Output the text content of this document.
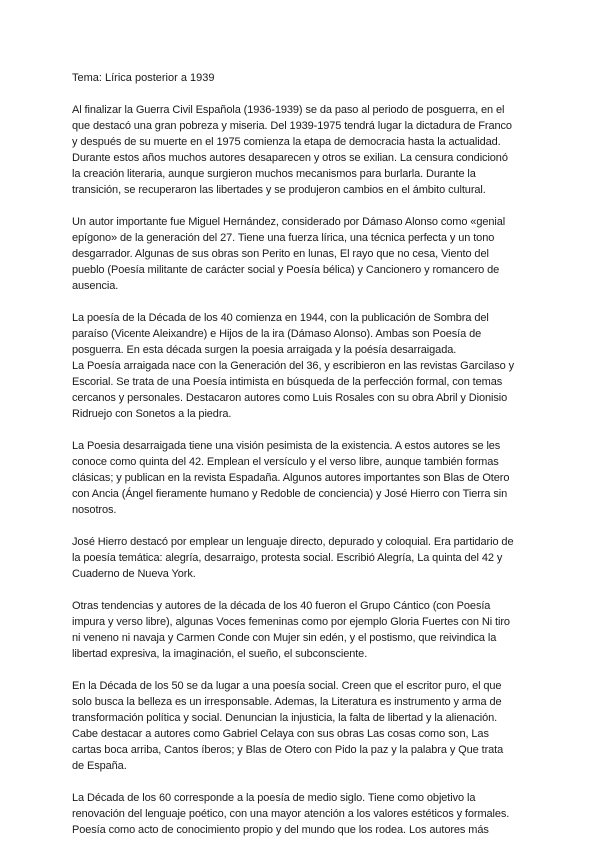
Tema: Lírica posterior a 1939

Al finalizar la Guerra Civil Española (1936-1939) se da paso al periodo de posguerra, en el
que destacó una gran pobreza y miseria. Del 1939-1975 tendrá lugar la dictadura de Franco
y después de su muerte en el 1975 comienza la etapa de democracia hasta la actualidad.
Durante estos años muchos autores desaparecen y otros se exilian. La censura condicionó
la creación literaria, aunque surgieron muchos mecanismos para burlarla. Durante la
transición, se recuperaron las libertades y se produjeron cambios en el ámbito cultural.

Un autor importante fue Miguel Hernández, considerado por Dámaso Alonso como «genial
epígono» de la generación del 27. Tiene una fuerza lírica, una técnica perfecta y un tono
desgarrador. Algunas de sus obras son Perito en lunas, El rayo que no cesa, Viento del
pueblo (Poesía militante de carácter social y Poesía bélica) y Cancionero y romancero de
ausencia.

La poesía de la Década de los 40 comienza en 1944, con la publicación de Sombra del
paraíso (Vicente Aleixandre) e Hijos de la ira (Dámaso Alonso). Ambas son Poesía de
posguerra. En esta década surgen la poesia arraigada y la poésía desarraigada.
La Poesía arraigada nace con la Generación del 36, y escribieron en las revistas Garcilaso y
Escorial. Se trata de una Poesía intimista en búsqueda de la perfección formal, con temas
cercanos y personales. Destacaron autores como Luis Rosales con su obra Abril y Dionisio
Ridruejo con Sonetos a la piedra.

La Poesia desarraigada tiene una visión pesimista de la existencia. A estos autores se les
conoce como quinta del 42. Emplean el versículo y el verso libre, aunque también formas
clásicas; y publican en la revista Espadaña. Algunos autores importantes son Blas de Otero
con Ancia (Ángel fieramente humano y Redoble de conciencia) y José Hierro con Tierra sin
nosotros.

José Hierro destacó por emplear un lenguaje directo, depurado y coloquial. Era partidario de
la poesía temática: alegría, desarraigo, protesta social. Escribió Alegría, La quinta del 42 y
Cuaderno de Nueva York.

Otras tendencias y autores de la década de los 40 fueron el Grupo Cántico (con Poesía
impura y verso libre), algunas Voces femeninas como por ejemplo Gloria Fuertes con Ni tiro
ni veneno ni navaja y Carmen Conde con Mujer sin edén, y el postismo, que reivindica la
libertad expresiva, la imaginación, el sueño, el subconsciente.

En la Década de los 50 se da lugar a una poesía social. Creen que el escritor puro, el que
solo busca la belleza es un irresponsable. Ademas, la Literatura es instrumento y arma de
transformación política y social. Denuncian la injusticia, la falta de libertad y la alienación.
Cabe destacar a autores como Gabriel Celaya con sus obras Las cosas como son, Las
cartas boca arriba, Cantos íberos; y Blas de Otero con Pido la paz y la palabra y Que trata
de España.

La Década de los 60 corresponde a la poesía de medio siglo. Tiene como objetivo la
renovación del lenguaje poético, con una mayor atención a los valores estéticos y formales.
Poesía como acto de conocimiento propio y del mundo que los rodea. Los autores más
